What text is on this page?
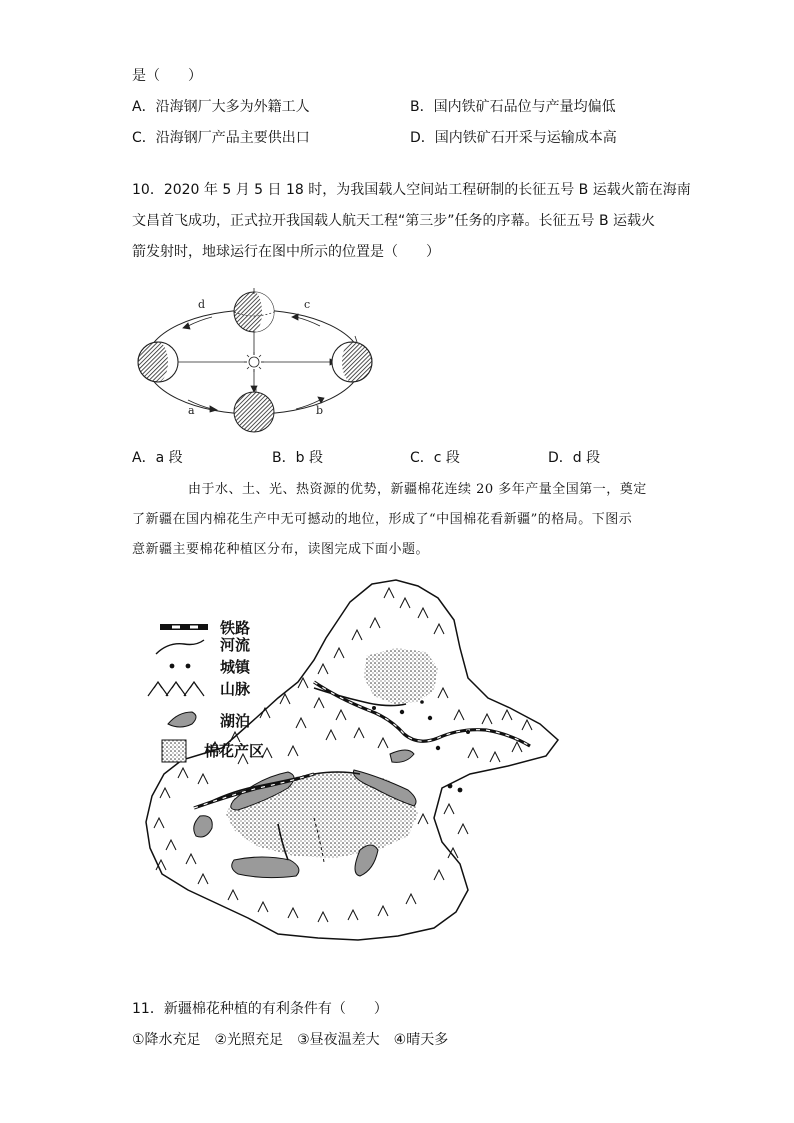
是（　　）
A．沿海钢厂大多为外籍工人	B．国内铁矿石品位与产量均偏低
C．沿海钢厂产品主要供出口	D．国内铁矿石开采与运输成本高
10．2020 年 5 月 5 日 18 时，为我国载人空间站工程研制的长征五号 B 运载火箭在海南
文昌首飞成功，正式拉开我国载人航天工程“第三步”任务的序幕。长征五号 B 运载火
箭发射时，地球运行在图中所示的位置是（　　）
d	c
a	b
A．a 段	B．b 段	C．c 段	D．d 段
由于水、土、光、热资源的优势，新疆棉花连续 20 多年产量全国第一，奠定
了新疆在国内棉花生产中无可撼动的地位，形成了“中国棉花看新疆”的格局。下图示
意新疆主要棉花种植区分布，读图完成下面小题。
铁路
河流
城镇
山脉
湖泊
棉花产区
11．新疆棉花种植的有利条件有（　　）
①降水充足　②光照充足　③昼夜温差大　④晴天多
